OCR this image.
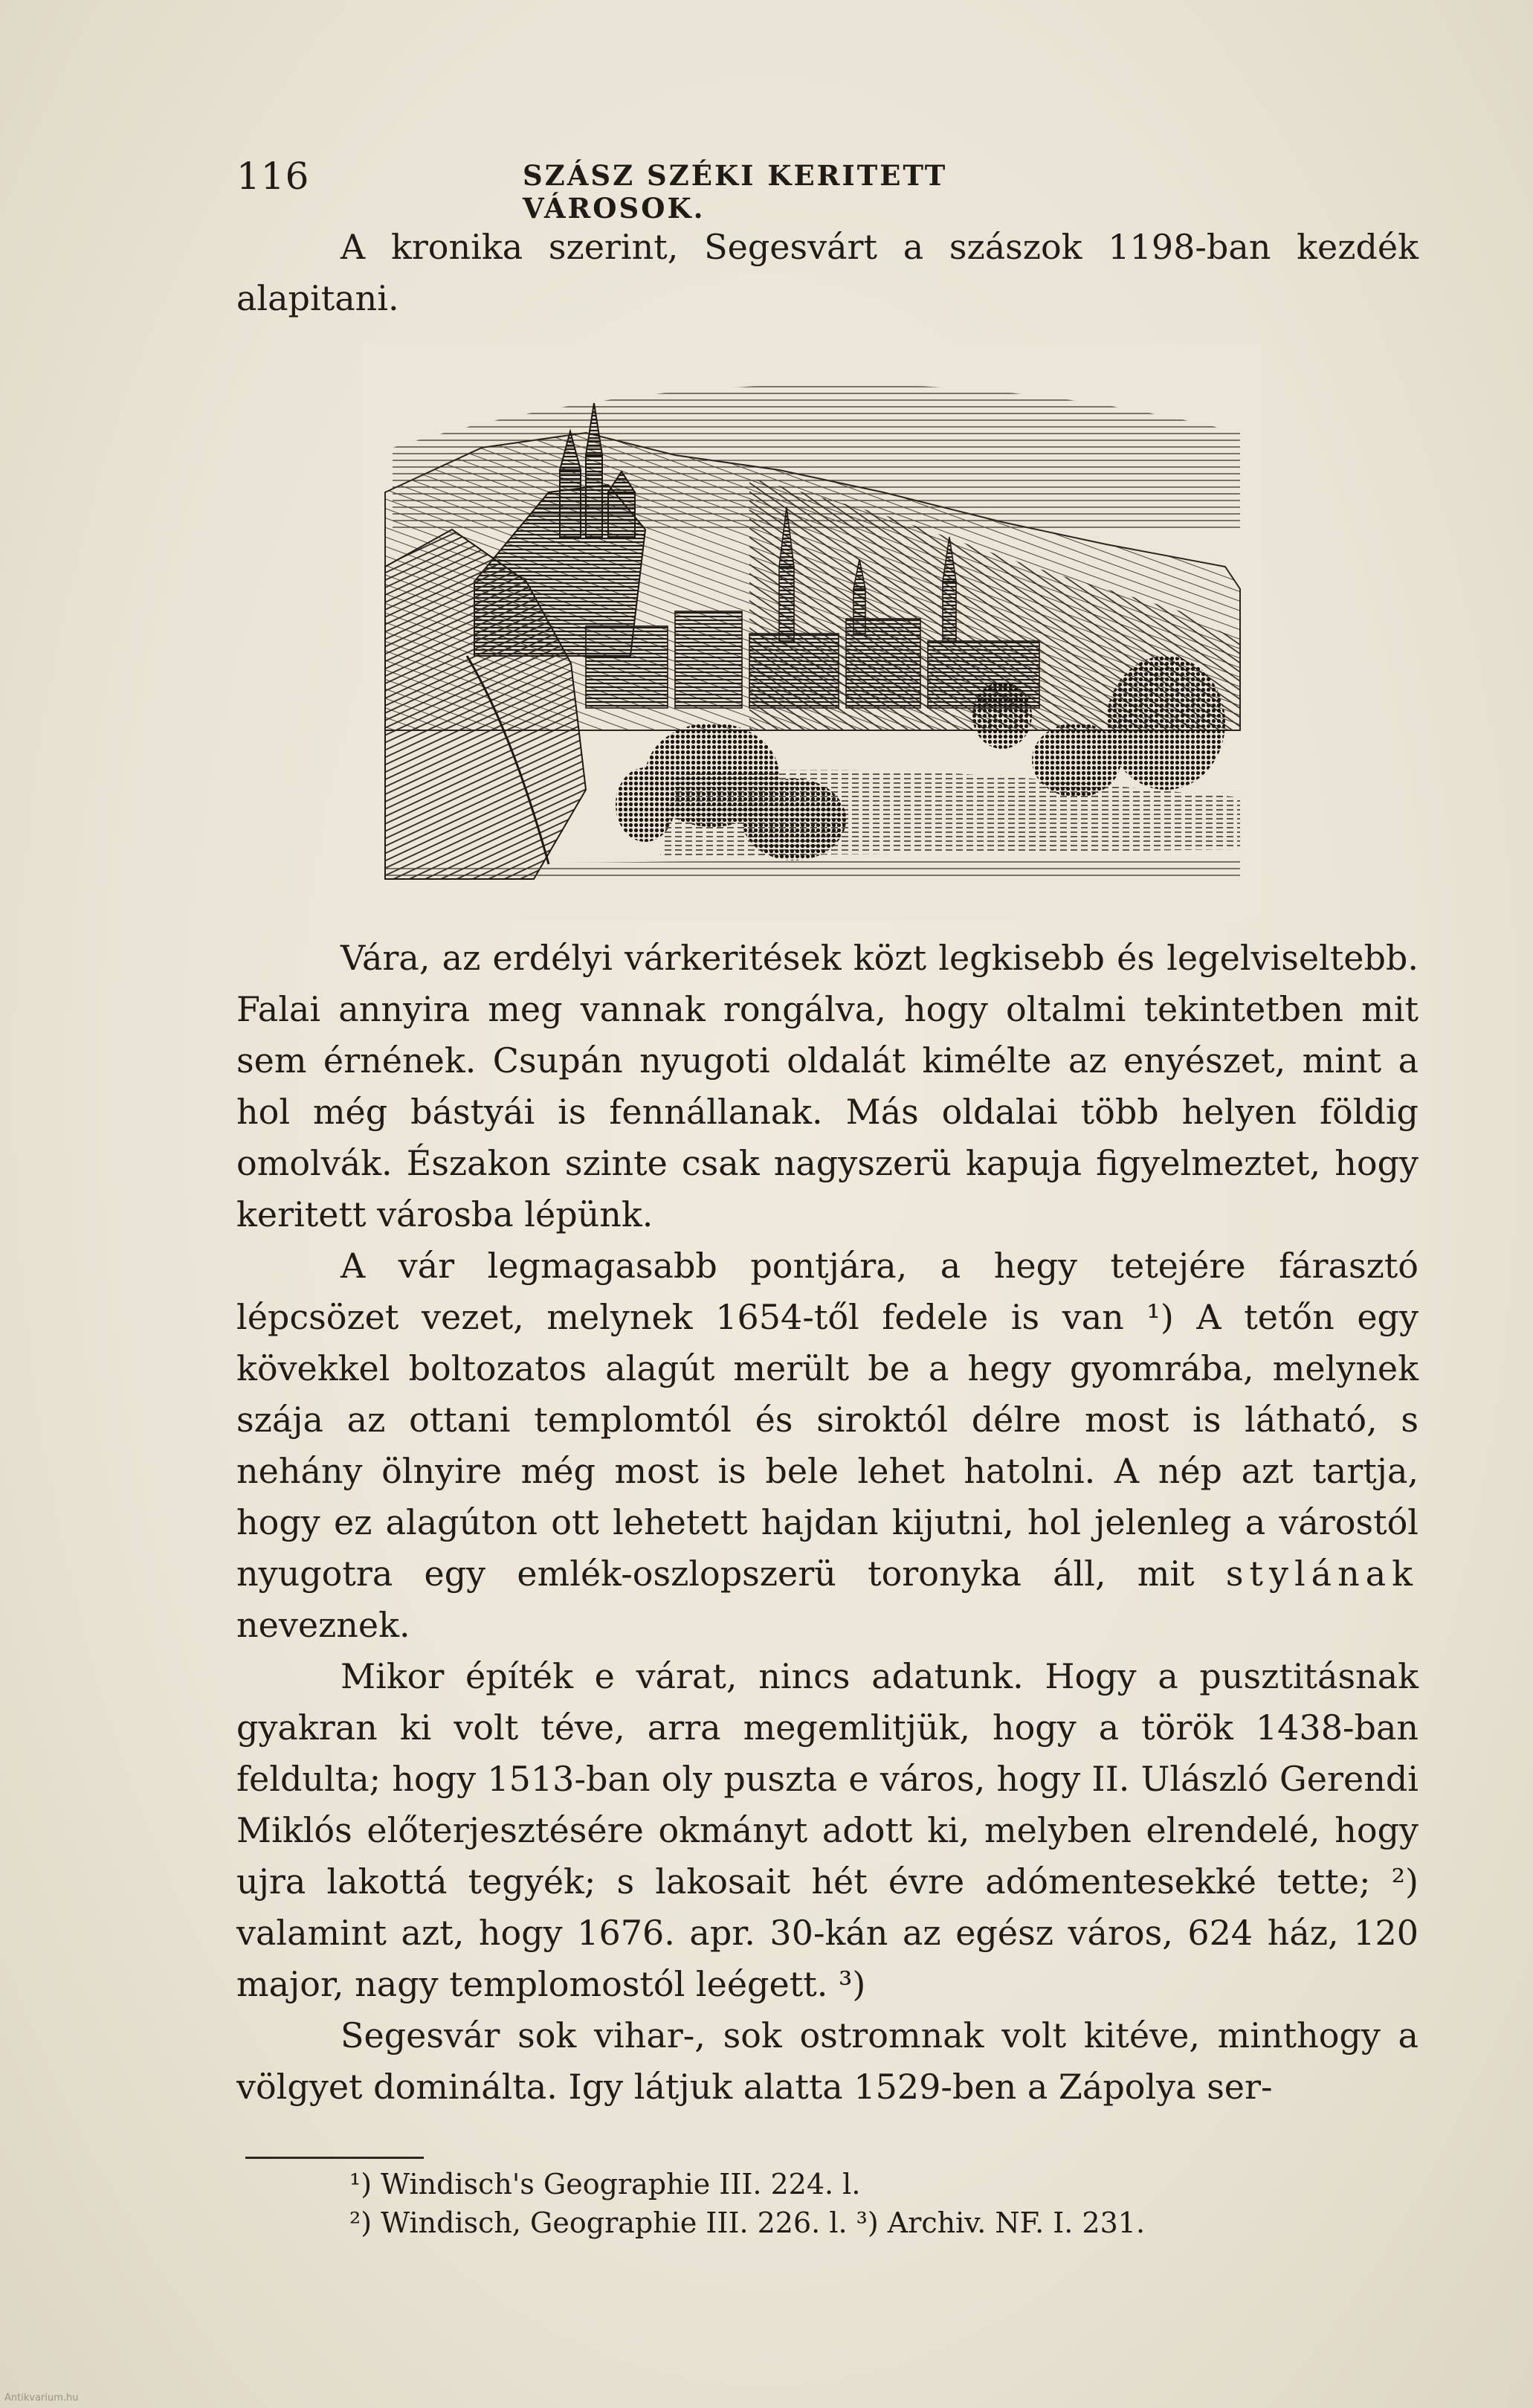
116	SZÁSZ SZÉKI KERITETT VÁROSOK.

A kronika szerint, Segesvárt a szászok 1198-ban kezdék

alapitani.

Vára, az erdélyi várkeritések közt legkisebb és legelviseltebb. Falai annyira meg vannak rongálva, hogy oltalmi tekintetben mit sem érnének. Csupán nyugoti oldalát kimélte az enyészet, mint a hol még bástyái is fennállanak. Más oldalai több helyen földig omolvák. Északon szinte csak nagyszerü kapuja figyelmeztet, hogy keritett városba lépünk.

A vár legmagasabb pontjára, a hegy tetejére fárasztó lépcsözet vezet, melynek 1654-től fedele is van ¹) A tetőn egy kövekkel boltozatos alagút merült be a hegy gyomrába, melynek szája az ottani templomtól és siroktól délre most is látható, s nehány ölnyire még most is bele lehet hatolni. A nép azt tartja, hogy ez alagúton ott lehetett hajdan kijutni, hol jelenleg a várostól nyugotra egy emlék-oszlopszerü toronyka áll, mit stylának neveznek.

Mikor építék e várat, nincs adatunk. Hogy a pusztitásnak gyakran ki volt téve, arra megemlitjük, hogy a török 1438-ban feldulta; hogy 1513-ban oly puszta e város, hogy II. Ulászló Gerendi Miklós előterjesztésére okmányt adott ki, melyben elrendelé, hogy ujra lakottá tegyék; s lakosait hét évre adómentesekké tette; ²) valamint azt, hogy 1676. apr. 30-kán az egész város, 624 ház, 120 major, nagy templomostól leégett. ³)

Segesvár sok vihar-, sok ostromnak volt kitéve, minthogy a völgyet dominálta. Igy látjuk alatta 1529-ben a Zápolya ser-

¹) Windisch's Geographie III. 224. l.
²) Windisch, Geographie III. 226. l. ³) Archiv. NF. I. 231.
Antikvarium.hu
